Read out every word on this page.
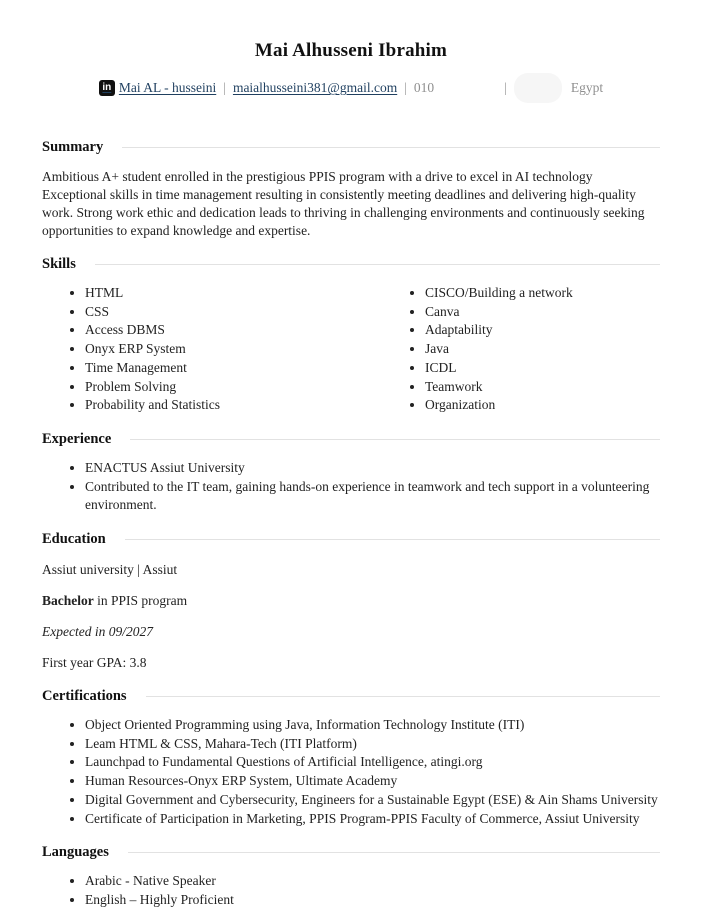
Mai Alhusseni Ibrahim
in Mai AL - husseini | maialhusseini381@gmail.com | 010	|	Egypt
Summary
Ambitious A+ student enrolled in the prestigious PPIS program with a drive to excel in AI technology Exceptional skills in time management resulting in consistently meeting deadlines and delivering high-quality work. Strong work ethic and dedication leads to thriving in challenging environments and continuously seeking opportunities to expand knowledge and expertise.
Skills
• HTML
• CSS
• Access DBMS
• Onyx ERP System
• Time Management
• Problem Solving
• Probability and Statistics
• CISCO/Building a network
• Canva
• Adaptability
• Java
• ICDL
• Teamwork
• Organization
Experience
• ENACTUS Assiut University
• Contributed to the IT team, gaining hands-on experience in teamwork and tech support in a volunteering environment.
Education
Assiut university | Assiut
Bachelor in PPIS program
Expected in 09/2027
First year GPA: 3.8
Certifications
• Object Oriented Programming using Java, Information Technology Institute (ITI)
• Leam HTML & CSS, Mahara-Tech (ITI Platform)
• Launchpad to Fundamental Questions of Artificial Intelligence, atingi.org
• Human Resources-Onyx ERP System, Ultimate Academy
• Digital Government and Cybersecurity, Engineers for a Sustainable Egypt (ESE) & Ain Shams University
• Certificate of Participation in Marketing, PPIS Program-PPIS Faculty of Commerce, Assiut University
Languages
• Arabic - Native Speaker
• English – Highly Proficient
